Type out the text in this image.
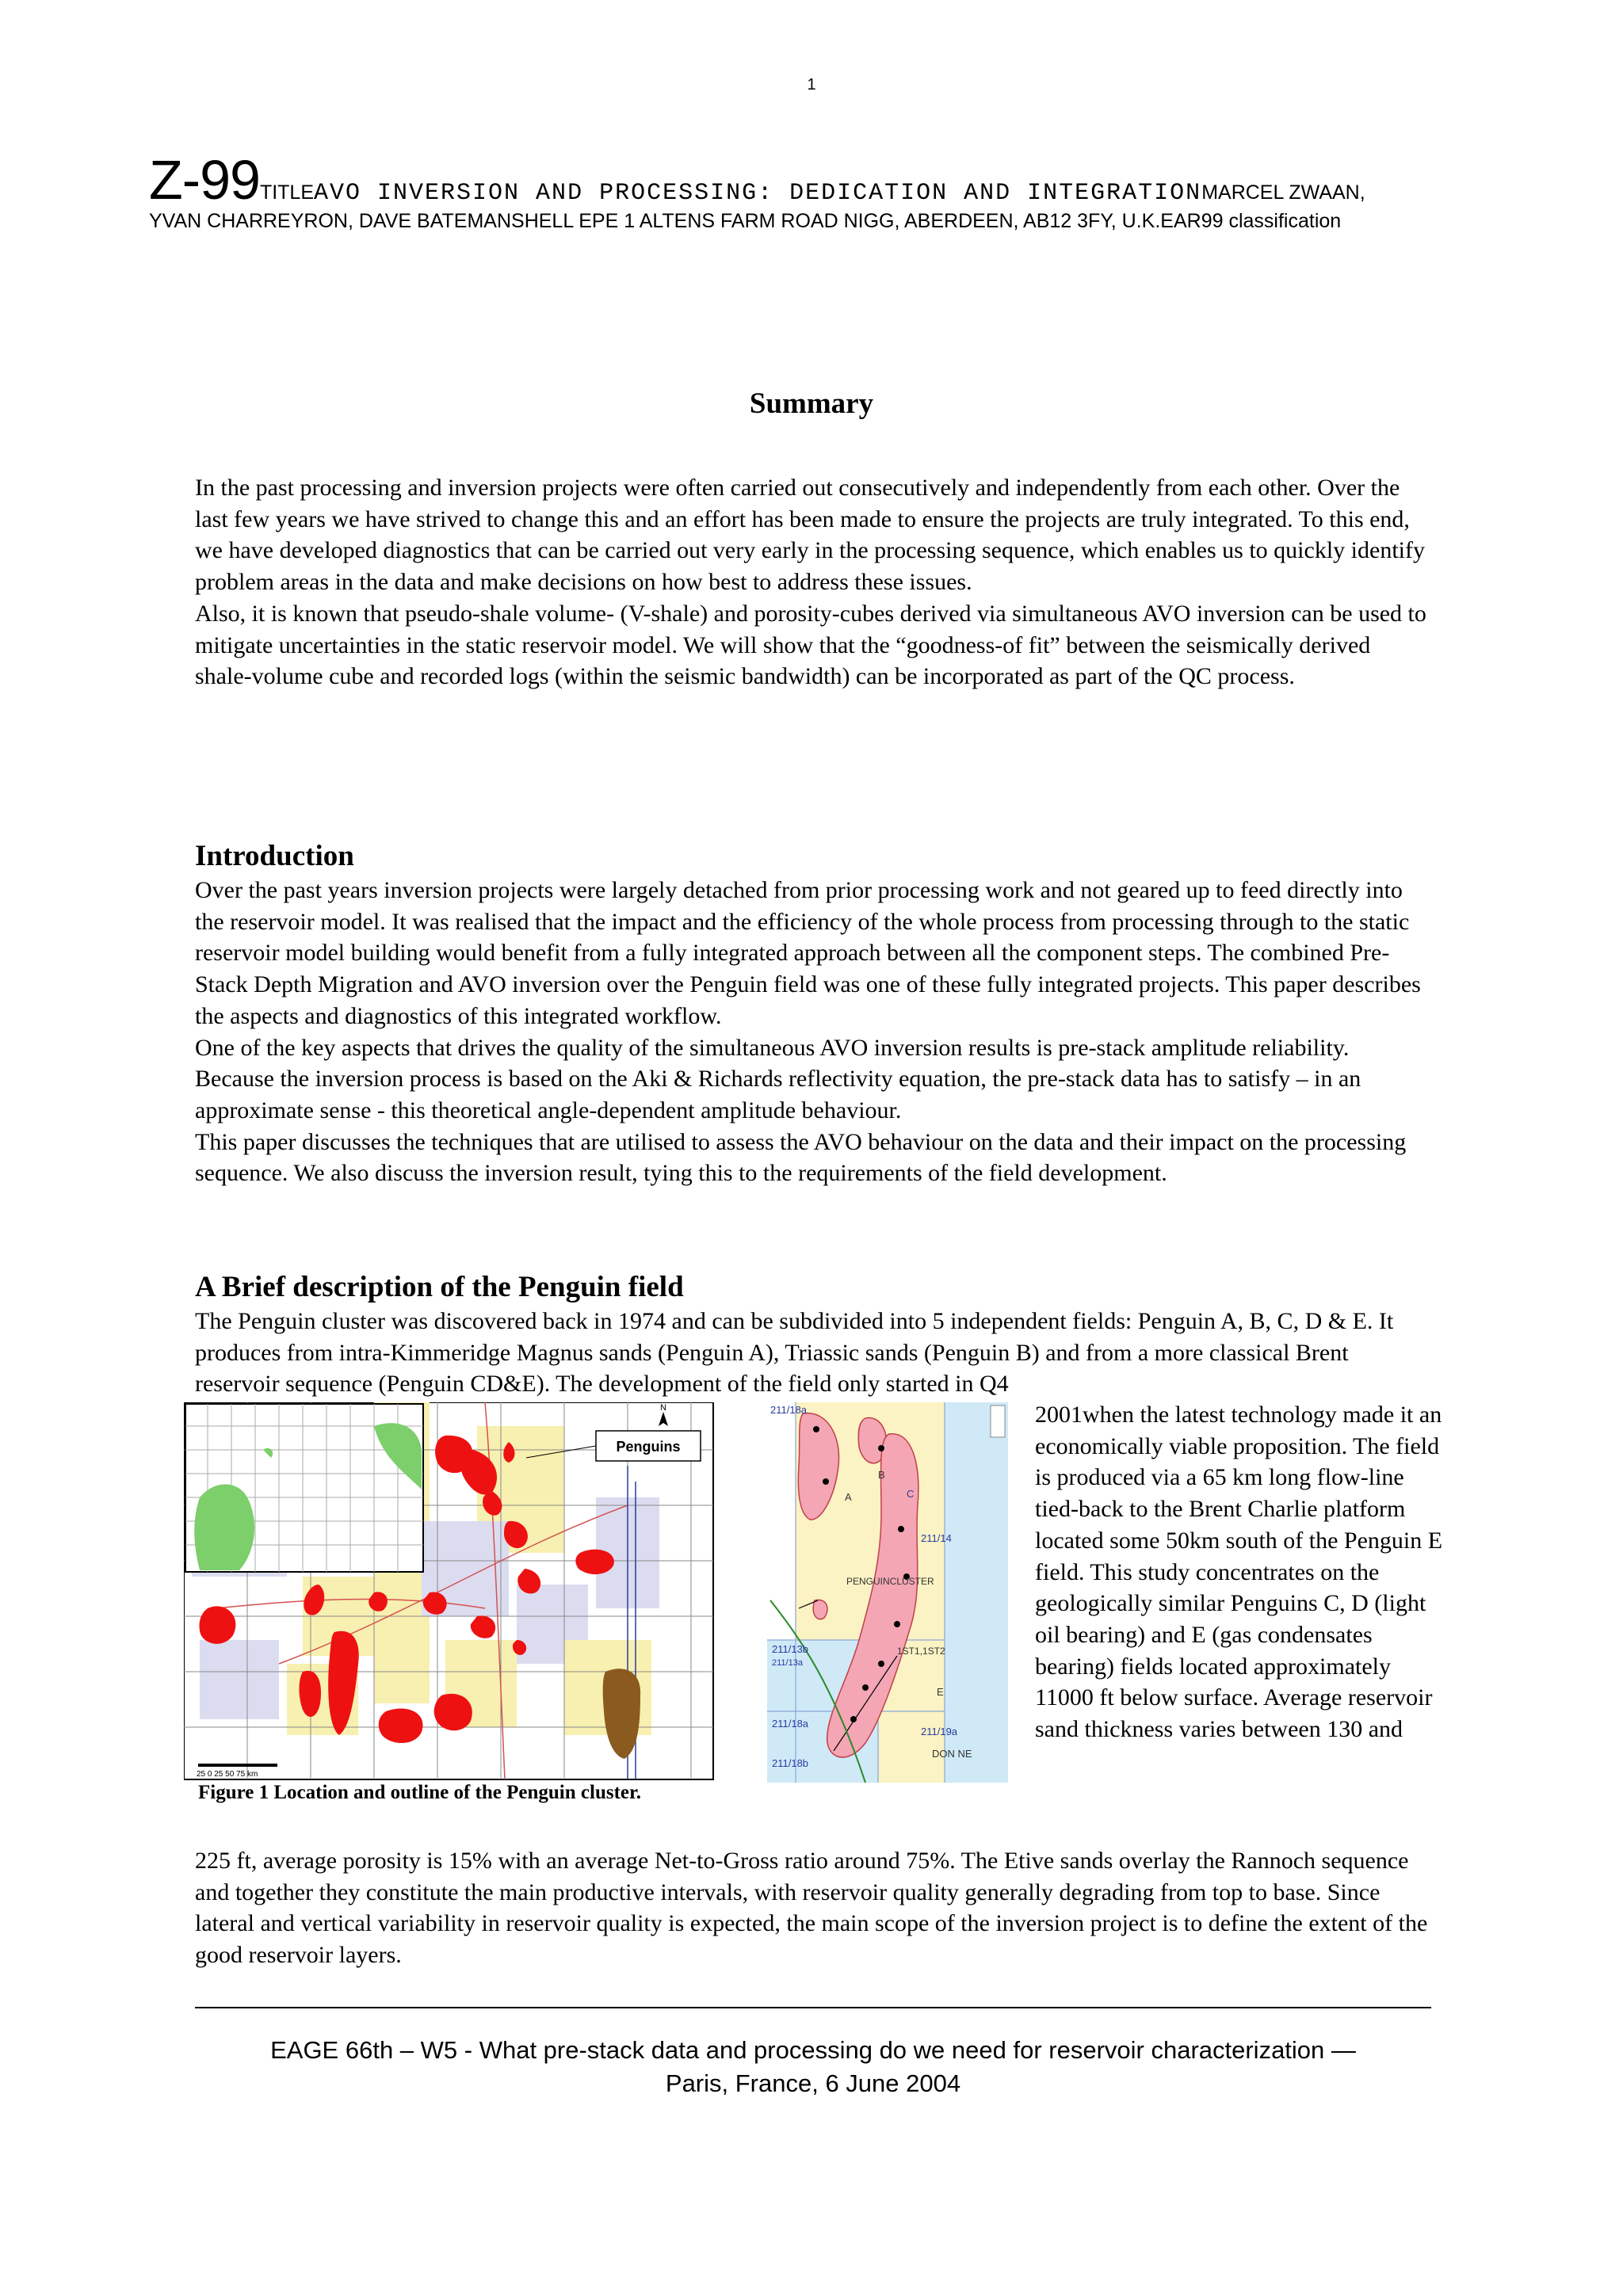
1
Z-99TITLEAVO INVERSION AND PROCESSING: DEDICATION AND INTEGRATIONMARCEL ZWAAN, YVAN CHARREYRON, DAVE BATEMANSHELL EPE 1 ALTENS FARM ROAD NIGG, ABERDEEN, AB12 3FY, U.K.EAR99 classification
Summary

In the past processing and inversion projects were often carried out consecutively and independently from each other. Over the last few years we have strived to change this and an effort has been made to ensure the projects are truly integrated. To this end, we have developed diagnostics that can be carried out very early in the processing sequence, which enables us to quickly identify problem areas in the data and make decisions on how best to address these issues.

Also, it is known that pseudo-shale volume- (V-shale) and porosity-cubes derived via simultaneous AVO inversion can be used to mitigate uncertainties in the static reservoir model. We will show that the “goodness-of fit” between the seismically derived shale-volume cube and recorded logs (within the seismic bandwidth) can be incorporated as part of the QC process.

Introduction

Over the past years inversion projects were largely detached from prior processing work and not geared up to feed directly into the reservoir model. It was realised that the impact and the efficiency of the whole process from processing through to the static reservoir model building would benefit from a fully integrated approach between all the component steps. The combined Pre-Stack Depth Migration and AVO inversion over the Penguin field was one of these fully integrated projects. This paper describes the aspects and diagnostics of this integrated workflow.

One of the key aspects that drives the quality of the simultaneous AVO inversion results is pre-stack amplitude reliability. Because the inversion process is based on the Aki & Richards reflectivity equation, the pre-stack data has to satisfy – in an approximate sense - this theoretical angle-dependent amplitude behaviour.

This paper discusses the techniques that are utilised to assess the AVO behaviour on the data and their impact on the processing sequence. We also discuss the inversion result, tying this to the requirements of the field development.

A Brief description of the Penguin field
The Penguin cluster was discovered back in 1974 and can be subdivided into 5 independent fields: Penguin A, B, C, D & E. It produces from intra-Kimmeridge Magnus sands (Penguin A), Triassic sands (Penguin B) and from a more classical Brent reservoir sequence (Penguin CD&E). The development of the field only started in Q4
N
Penguins
25 0 25 50 75 km
211/18a
B
A	C
PENGUINCLUSTER
211/14
211/13b
211/13a
211/18a
211/18b
211/19a
1ST1,1ST2
DON NE
E
Figure 1 Location and outline of the Penguin cluster.
2001when the latest technology made it an economically viable proposition. The field is produced via a 65 km long flow-line tied-back to the Brent Charlie platform located some 50km south of the Penguin E field. This study concentrates on the geologically similar Penguins C, D (light oil bearing) and E (gas condensates bearing) fields located approximately 11000 ft below surface. Average reservoir sand thickness varies between 130 and
225 ft, average porosity is 15% with an average Net-to-Gross ratio around 75%. The Etive sands overlay the Rannoch sequence and together they constitute the main productive intervals, with reservoir quality generally degrading from top to base. Since lateral and vertical variability in reservoir quality is expected, the main scope of the inversion project is to define the extent of the good reservoir layers.
EAGE 66th – W5 - What pre-stack data and processing do we need for reservoir characterization —
Paris, France, 6 June 2004
